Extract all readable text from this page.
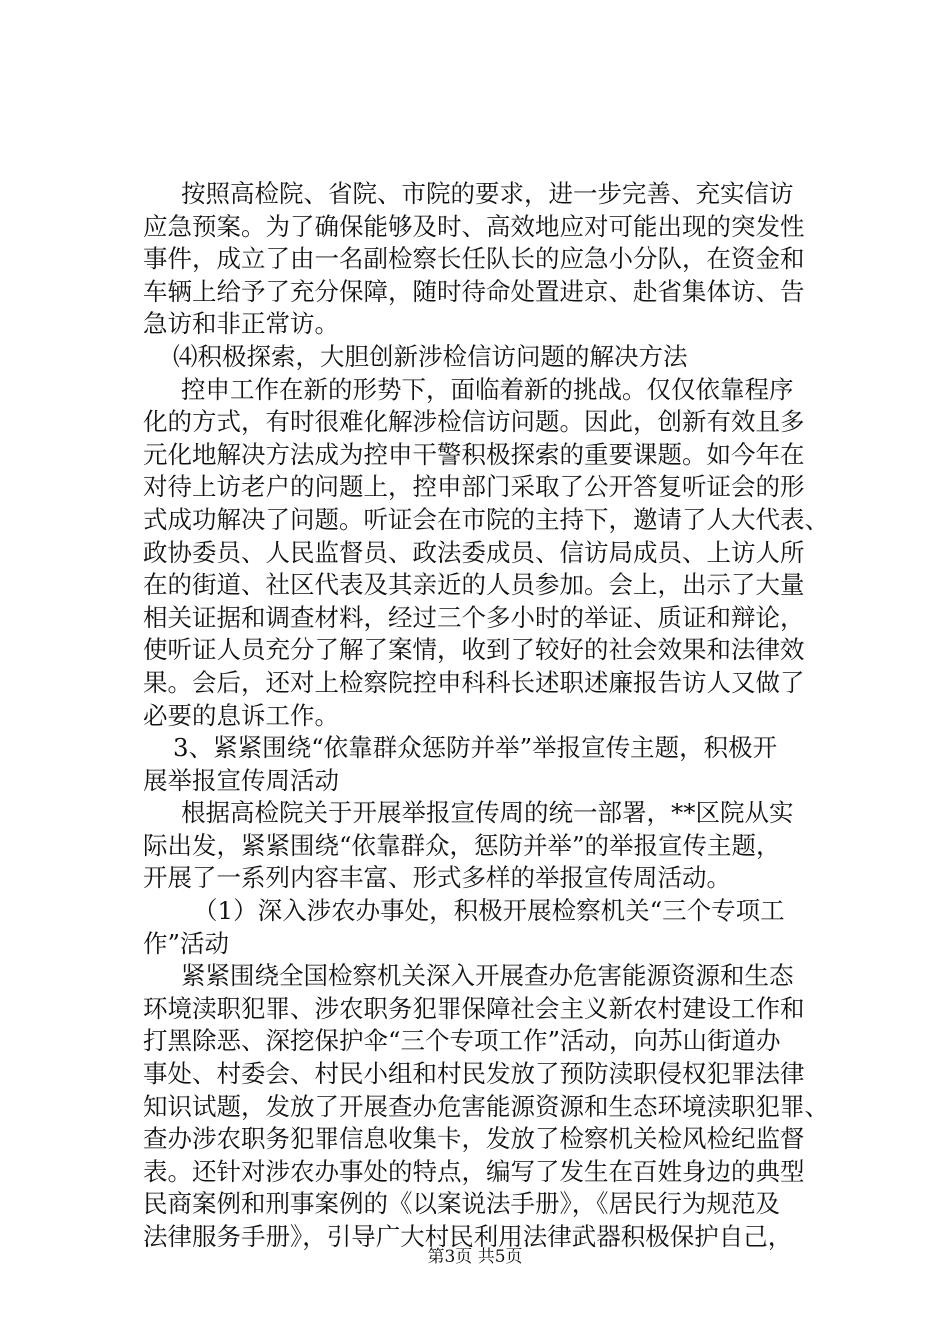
按照高检院、省院、市院的要求，进一步完善、充实信访
应急预案。为了确保能够及时、高效地应对可能出现的突发性
事件，成立了由一名副检察长任队长的应急小分队，在资金和
车辆上给予了充分保障，随时待命处置进京、赴省集体访、告
急访和非正常访。
⑷积极探索，大胆创新涉检信访问题的解决方法
控申工作在新的形势下，面临着新的挑战。仅仅依靠程序
化的方式，有时很难化解涉检信访问题。因此，创新有效且多
元化地解决方法成为控申干警积极探索的重要课题。如今年在
对待上访老户的问题上，控申部门采取了公开答复听证会的形
式成功解决了问题。听证会在市院的主持下，邀请了人大代表、
政协委员、人民监督员、政法委成员、信访局成员、上访人所
在的街道、社区代表及其亲近的人员参加。会上，出示了大量
相关证据和调查材料，经过三个多小时的举证、质证和辩论，
使听证人员充分了解了案情，收到了较好的社会效果和法律效
果。会后，还对上检察院控申科科长述职述廉报告访人又做了
必要的息诉工作。
3、紧紧围绕“依靠群众惩防并举”举报宣传主题，积极开
展举报宣传周活动
根据高检院关于开展举报宣传周的统一部署，**区院从实
际出发，紧紧围绕“依靠群众，惩防并举”的举报宣传主题，
开展了一系列内容丰富、形式多样的举报宣传周活动。
（1）深入涉农办事处，积极开展检察机关“三个专项工
作”活动
紧紧围绕全国检察机关深入开展查办危害能源资源和生态
环境渎职犯罪、涉农职务犯罪保障社会主义新农村建设工作和
打黑除恶、深挖保护伞“三个专项工作”活动，向苏山街道办
事处、村委会、村民小组和村民发放了预防渎职侵权犯罪法律
知识试题，发放了开展查办危害能源资源和生态环境渎职犯罪、
查办涉农职务犯罪信息收集卡，发放了检察机关检风检纪监督
表。还针对涉农办事处的特点，编写了发生在百姓身边的典型
民商案例和刑事案例的《以案说法手册》，《居民行为规范及
法律服务手册》，引导广大村民利用法律武器积极保护自己，
第3页 共5页
